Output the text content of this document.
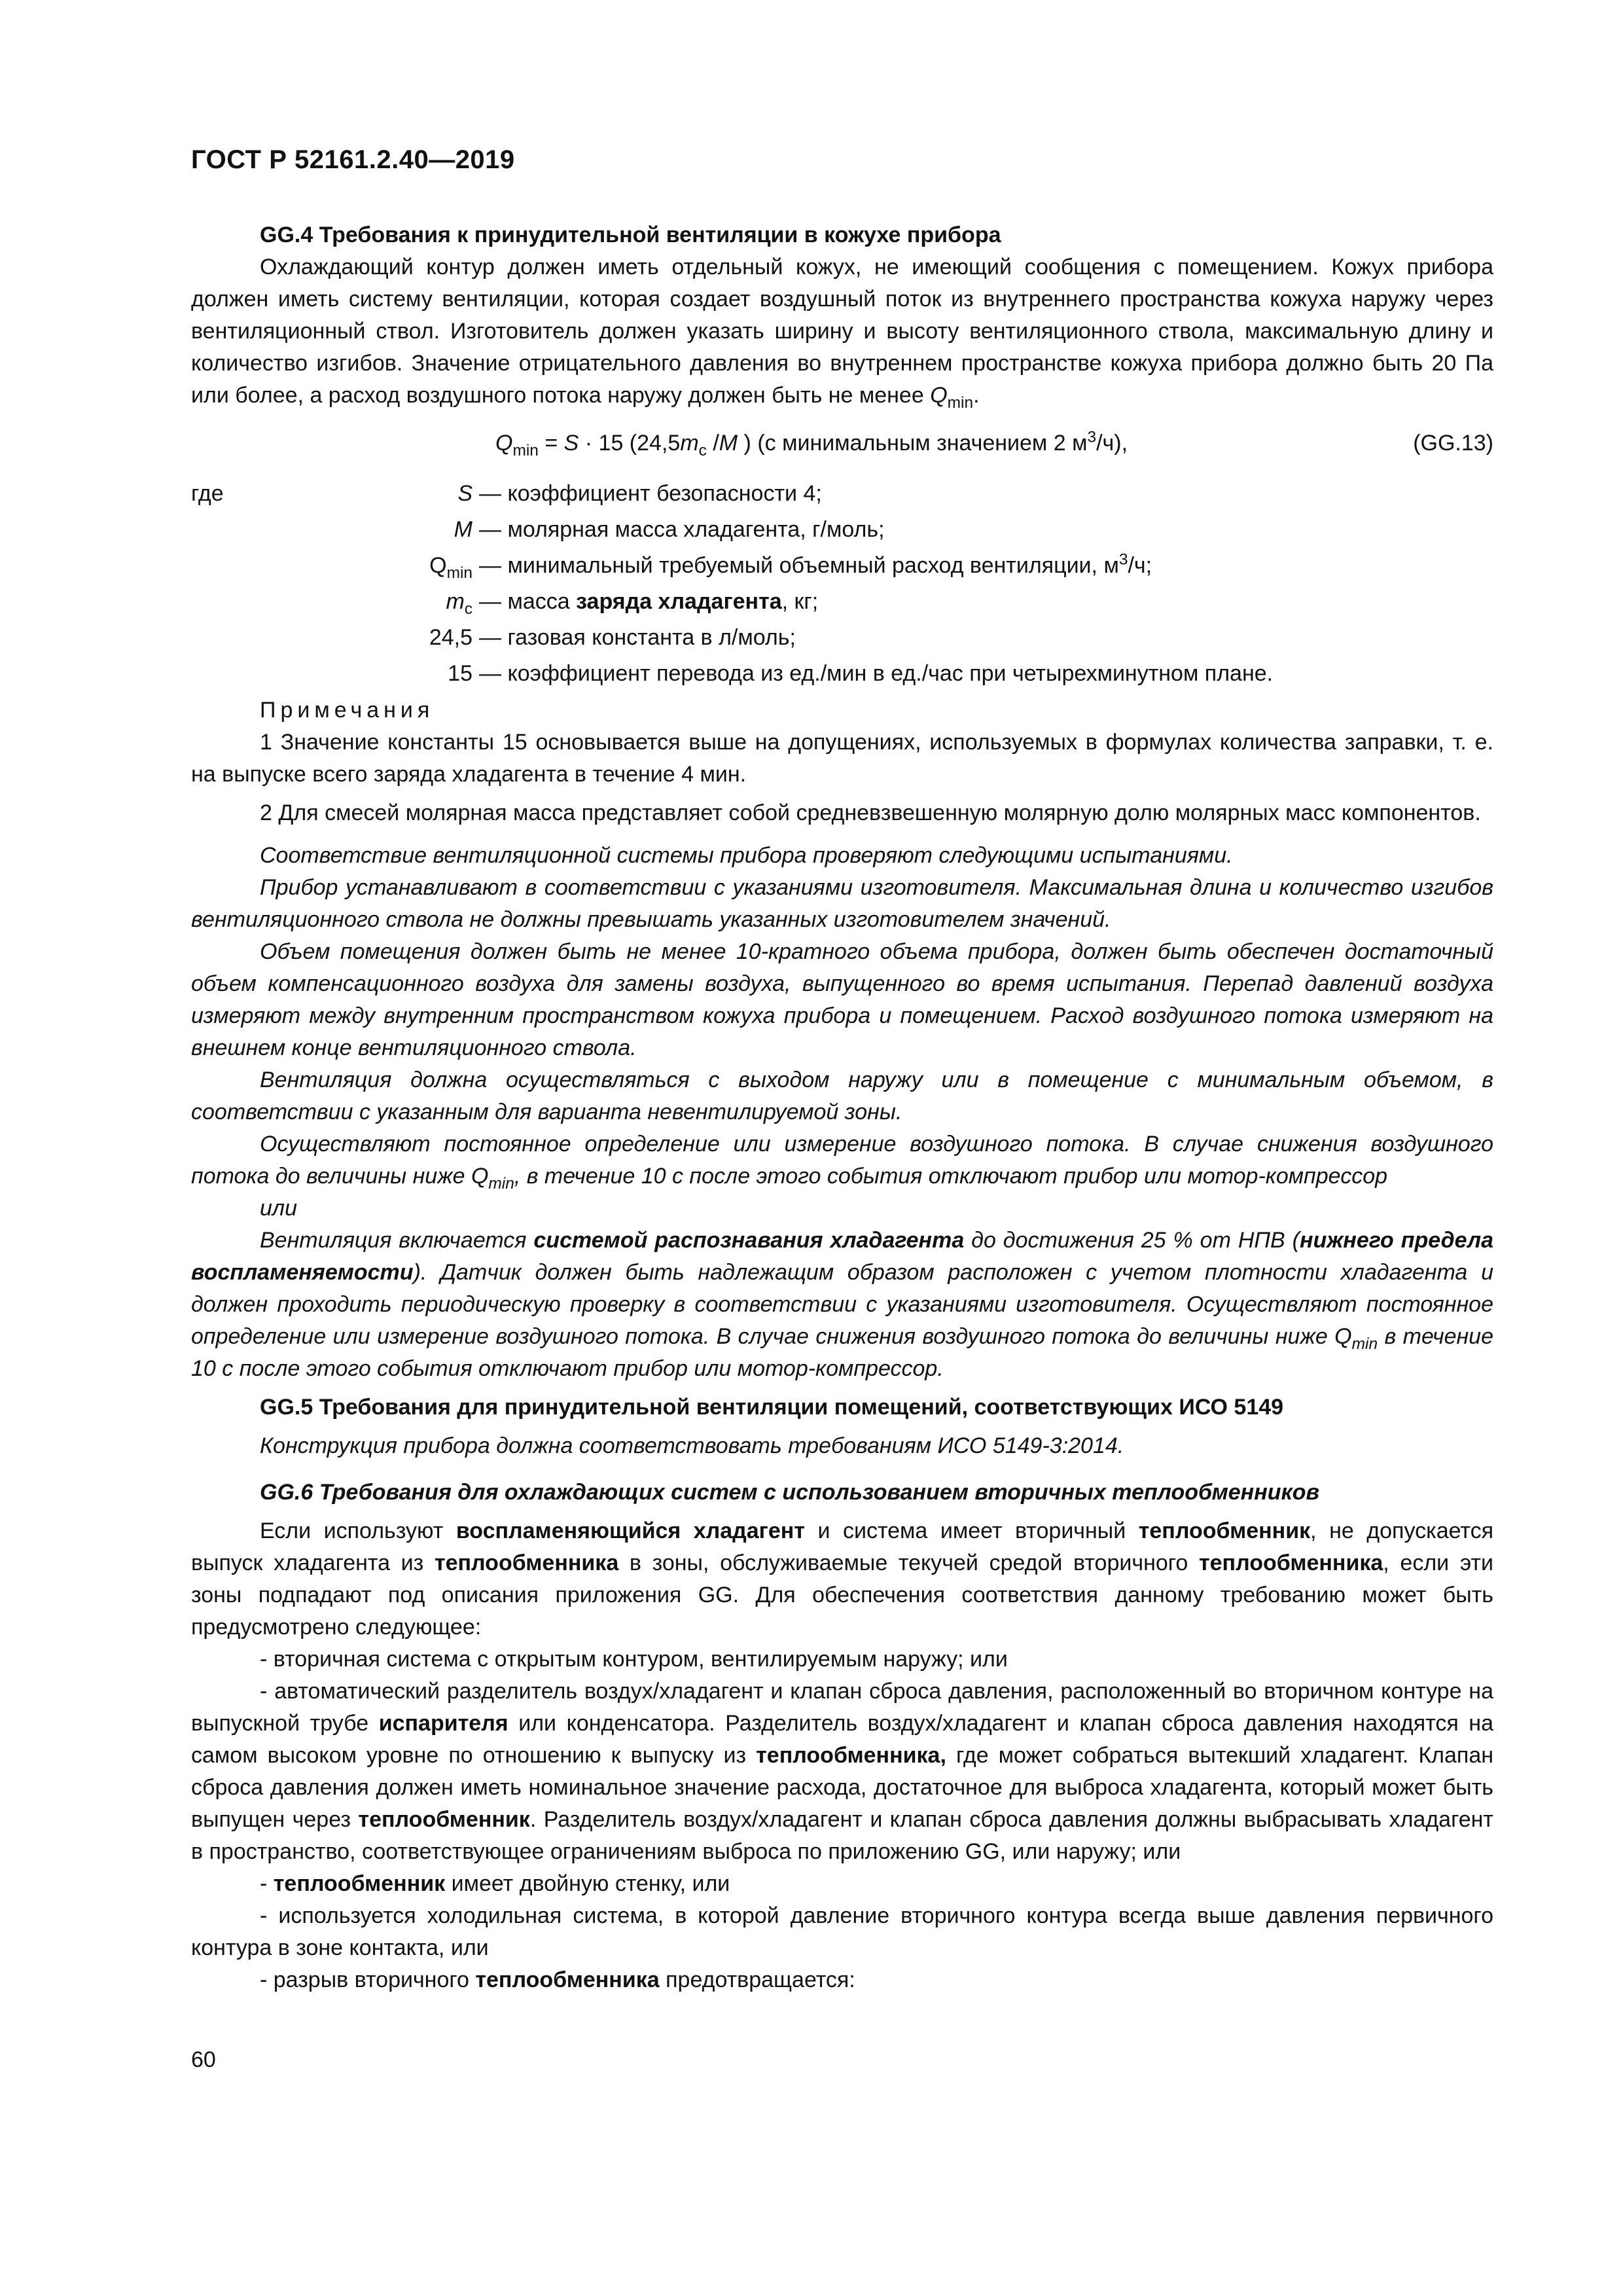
ГОСТ Р 52161.2.40—2019

GG.4 Требования к принудительной вентиляции в кожухе прибора

Охлаждающий контур должен иметь отдельный кожух, не имеющий сообщения с помещением. Кожух прибора должен иметь систему вентиляции, которая создает воздушный поток из внутреннего пространства кожуха наружу через вентиляционный ствол. Изготовитель должен указать ширину и высоту вентиляционного ствола, максимальную длину и количество изгибов. Значение отрицательного давления во внутреннем пространстве кожуха прибора должно быть 20 Па или более, а расход воздушного потока наружу должен быть не менее $Q_{min}$.

$Q_{min} = S \cdot 15$ ($24,5m_c$ /M ) (с минимальным значением 2 $м^3/ч$),	(GG.13)
где	S — коэффициент безопасности 4;
M — молярная масса хладагента, г/моль;
$Q_{min}$ — минимальный требуемый объемный расход вентиляции, $м^3/ч$;
$m_c$ — масса заряда хладагента, кг;
24,5 — газовая константа в л/моль;
15 — коэффициент перевода из ед./мин в ед./час при четырехминутном плане.

Примечания

1 Значение константы 15 основывается выше на допущениях, используемых в формулах количества заправки, т. е. на выпуске всего заряда хладагента в течение 4 мин.

2 Для смесей молярная масса представляет собой средневзвешенную молярную долю молярных масс компонентов.

Соответствие вентиляционной системы прибора проверяют следующими испытаниями.

Прибор устанавливают в соответствии с указаниями изготовителя. Максимальная длина и количество изгибов вентиляционного ствола не должны превышать указанных изготовителем значений.

Объем помещения должен быть не менее 10-кратного объема прибора, должен быть обеспечен достаточный объем компенсационного воздуха для замены воздуха, выпущенного во время испытания. Перепад давлений воздуха измеряют между внутренним пространством кожуха прибора и помещением. Расход воздушного потока измеряют на внешнем конце вентиляционного ствола.

Вентиляция должна осуществляться с выходом наружу или в помещение с минимальным объемом, в соответствии с указанным для варианта невентилируемой зоны.

Осуществляют постоянное определение или измерение воздушного потока. В случае снижения воздушного потока до величины ниже $Q_{min}$, в течение 10 с после этого события отключают прибор или мотор-компрессор

или

Вентиляция включается системой распознавания хладагента до достижения 25 % от НПВ (нижнего предела воспламеняемости). Датчик должен быть надлежащим образом расположен с учетом плотности хладагента и должен проходить периодическую проверку в соответствии с указаниями изготовителя. Осуществляют постоянное определение или измерение воздушного потока. В случае снижения воздушного потока до величины ниже $Q_{min}$ в течение 10 с после этого события отключают прибор или мотор-компрессор.

GG.5 Требования для принудительной вентиляции помещений, соответствующих ИСО 5149

Конструкция прибора должна соответствовать требованиям ИСО 5149-3:2014.

GG.6 Требования для охлаждающих систем с использованием вторичных теплообменников

Если используют воспламеняющийся хладагент и система имеет вторичный теплообменник, не допускается выпуск хладагента из теплообменника в зоны, обслуживаемые текучей средой вторичного теплообменника, если эти зоны подпадают под описания приложения GG. Для обеспечения соответствия данному требованию может быть предусмотрено следующее:

- вторичная система с открытым контуром, вентилируемым наружу; или

- автоматический разделитель воздух/хладагент и клапан сброса давления, расположенный во вторичном контуре на выпускной трубе испарителя или конденсатора. Разделитель воздух/хладагент и клапан сброса давления находятся на самом высоком уровне по отношению к выпуску из теплообменника, где может собраться вытекший хладагент. Клапан сброса давления должен иметь номинальное значение расхода, достаточное для выброса хладагента, который может быть выпущен через теплообменник. Разделитель воздух/хладагент и клапан сброса давления должны выбрасывать хладагент в пространство, соответствующее ограничениям выброса по приложению GG, или наружу; или

- теплообменник имеет двойную стенку, или

- используется холодильная система, в которой давление вторичного контура всегда выше давления первичного контура в зоне контакта, или

- разрыв вторичного теплообменника предотвращается:

60
